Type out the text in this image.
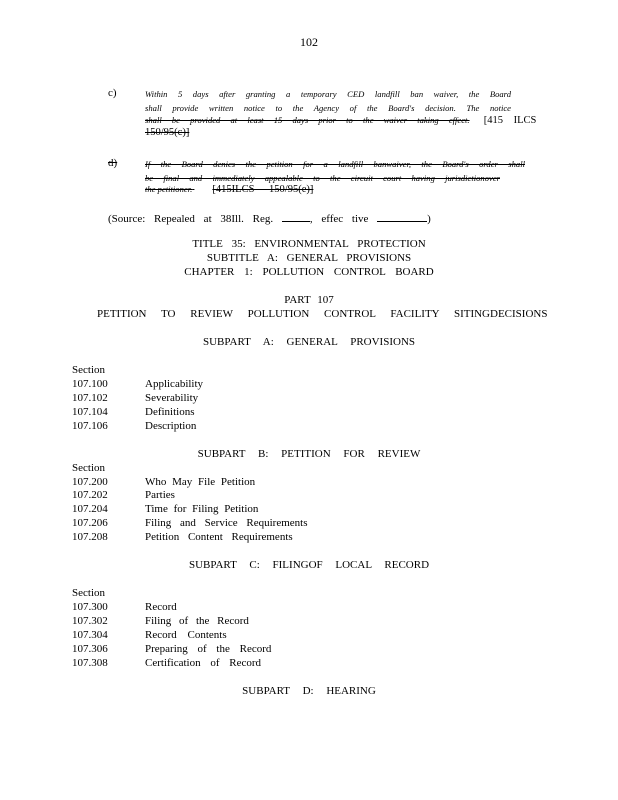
102
c)	Within 5 days after granting a temporary CED landfill ban waiver, the Board
shall provide written notice to the Agency of the Board's decision. The notice
shall be provided at least 15 days prior to the waiver taking effect. [415 ILCS
150/95(c)]
d)	If the Board denies the petition for a landfill banwaiver, the Board's order shall
be final and immediately appealable to the circuit court having jurisdictionover
the petitioner. [415ILCS 150/95(e)]
(Source: Repealed at 38Ill. Reg.	, effec tive	)
TITLE 35: ENVIRONMENTAL PROTECTION
SUBTITLE A: GENERAL PROVISIONS
CHAPTER 1: POLLUTION CONTROL BOARD
PART 107
PETITION TO REVIEW POLLUTION CONTROL FACILITY SITINGDECISIONS
SUBPART A: GENERAL PROVISIONS
Section
107.100	Applicability
107.102	Severability
107.104	Definitions
107.106	Description
SUBPART B: PETITION FOR REVIEW
Section
107.200	Who May File Petition
107.202	Parties
107.204	Time for Filing Petition
107.206	Filing and Service Requirements
107.208	Petition Content Requirements
SUBPART C: FILINGOF LOCAL RECORD
Section
107.300	Record
107.302	Filing of the Record
107.304	Record Contents
107.306	Preparing of the Record
107.308	Certification of Record
SUBPART D: HEARING
